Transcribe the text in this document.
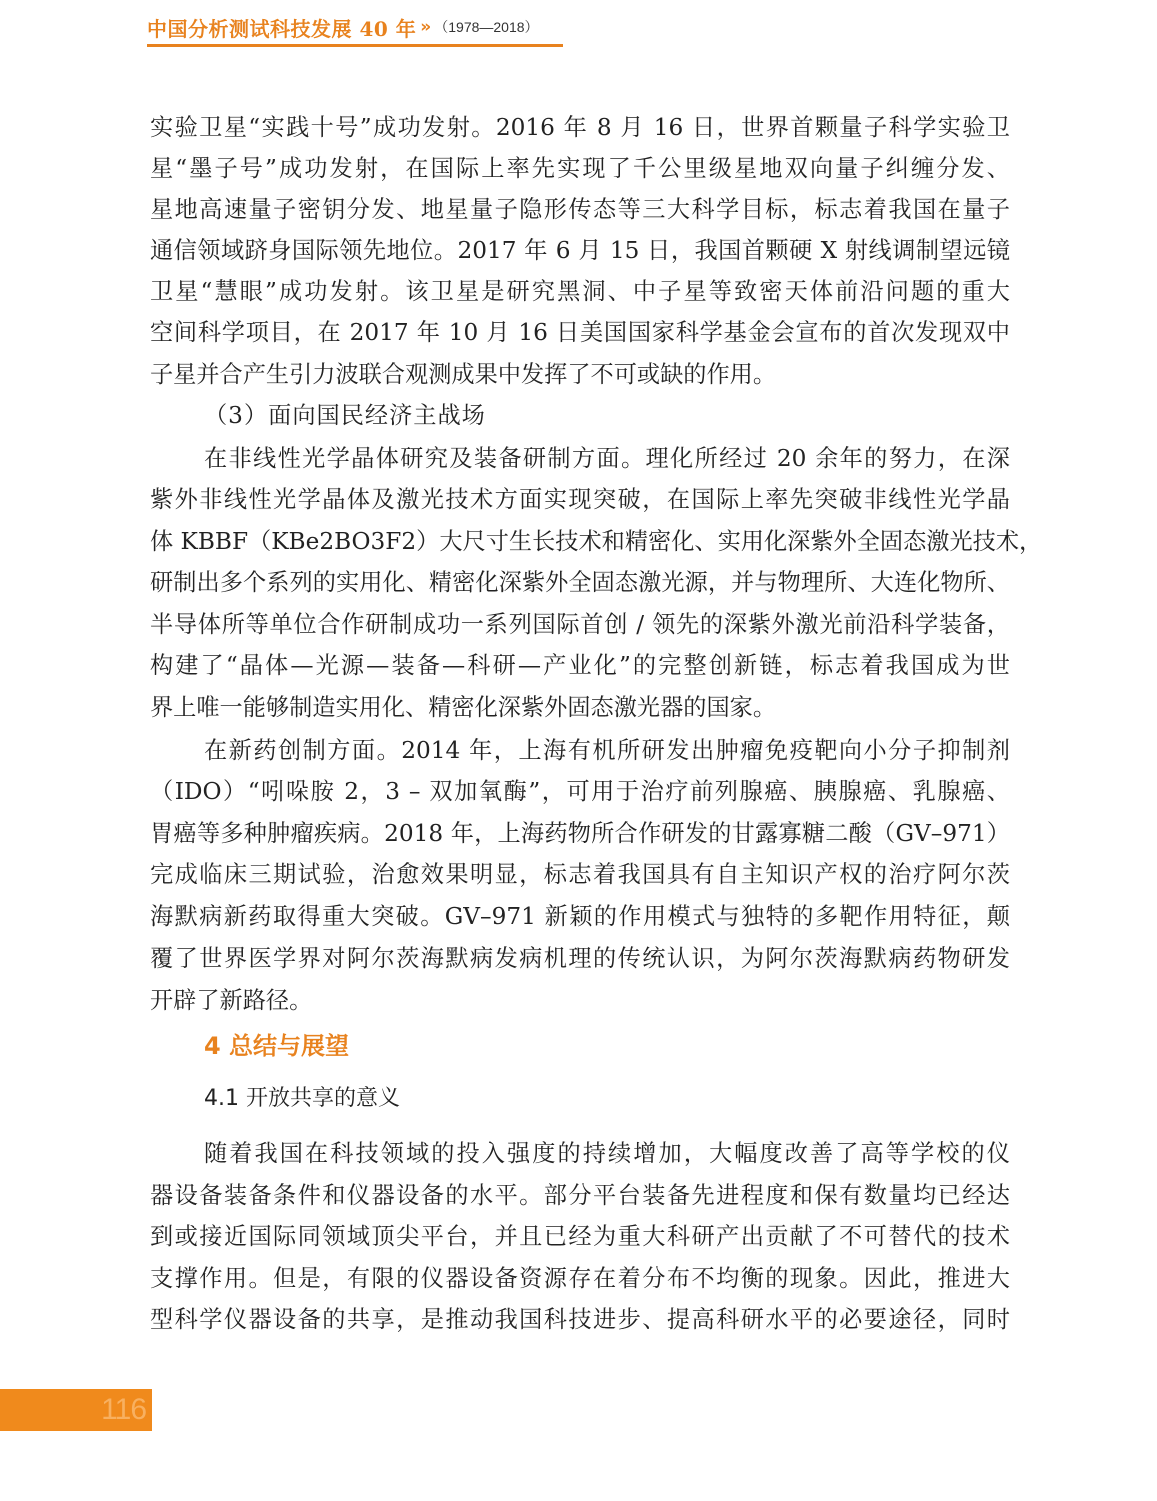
中国分析测试科技发展 40 年 » （1978—2018）
实验卫星“实践十号”成功发射。2016 年 8 月 16 日，世界首颗量子科学实验卫
星“墨子号”成功发射，在国际上率先实现了千公里级星地双向量子纠缠分发、
星地高速量子密钥分发、地星量子隐形传态等三大科学目标，标志着我国在量子
通信领域跻身国际领先地位。2017 年 6 月 15 日，我国首颗硬 X 射线调制望远镜
卫星“慧眼”成功发射。该卫星是研究黑洞、中子星等致密天体前沿问题的重大
空间科学项目，在 2017 年 10 月 16 日美国国家科学基金会宣布的首次发现双中
子星并合产生引力波联合观测成果中发挥了不可或缺的作用。
（3）面向国民经济主战场
在非线性光学晶体研究及装备研制方面。理化所经过 20 余年的努力，在深
紫外非线性光学晶体及激光技术方面实现突破，在国际上率先突破非线性光学晶
体 KBBF（KBe2BO3F2）大尺寸生长技术和精密化、实用化深紫外全固态激光技术，
研制出多个系列的实用化、精密化深紫外全固态激光源，并与物理所、大连化物所、
半导体所等单位合作研制成功一系列国际首创 / 领先的深紫外激光前沿科学装备，
构建了“晶体—光源—装备—科研—产业化”的完整创新链，标志着我国成为世
界上唯一能够制造实用化、精密化深紫外固态激光器的国家。
在新药创制方面。2014 年，上海有机所研发出肿瘤免疫靶向小分子抑制剂
（IDO）“吲哚胺 2，3 – 双加氧酶”，可用于治疗前列腺癌、胰腺癌、乳腺癌、
胃癌等多种肿瘤疾病。2018 年，上海药物所合作研发的甘露寡糖二酸（GV–971）
完成临床三期试验，治愈效果明显，标志着我国具有自主知识产权的治疗阿尔茨
海默病新药取得重大突破。GV–971 新颖的作用模式与独特的多靶作用特征，颠
覆了世界医学界对阿尔茨海默病发病机理的传统认识，为阿尔茨海默病药物研发
开辟了新路径。
4 总结与展望
4.1 开放共享的意义
随着我国在科技领域的投入强度的持续增加，大幅度改善了高等学校的仪
器设备装备条件和仪器设备的水平。部分平台装备先进程度和保有数量均已经达
到或接近国际同领域顶尖平台，并且已经为重大科研产出贡献了不可替代的技术
支撑作用。但是，有限的仪器设备资源存在着分布不均衡的现象。因此，推进大
型科学仪器设备的共享，是推动我国科技进步、提高科研水平的必要途径，同时
116
